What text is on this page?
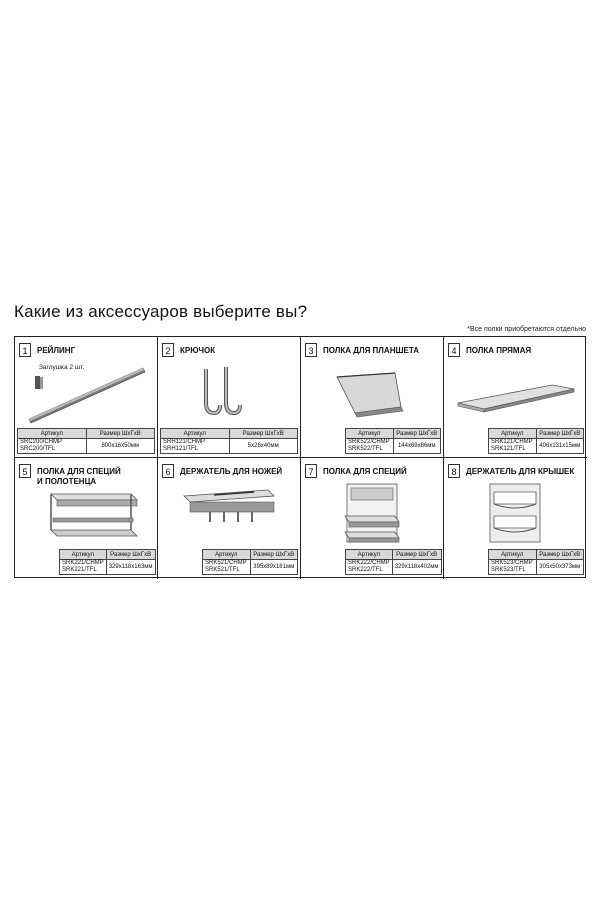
Какие из аксессуаров выберите вы?
*Все полки приобретаются отдельно
1	РЕЙЛИНГ
Заглушка 2 шт.
Артикул	Размер ШхГхВ
SRC200/CHMP
SRC200/TFL	800x16x50мм
2	КРЮЧОК
Артикул	Размер ШхГхВ
SRH121/CHMP
SRH121/TFL	5x26x40мм
3	ПОЛКА ДЛЯ ПЛАНШЕТА
Артикул	Размер ШхГхВ
SRK522/CHMP
SRK522/TFL	144x69x86мм
4	ПОЛКА ПРЯМАЯ
Артикул	Размер ШхГхВ
SRK121/CHMP
SRK121/TFL	406x131x15мм
5	ПОЛКА ДЛЯ СПЕЦИЙ
И ПОЛОТЕНЦА
Артикул	Размер ШхГхВ
SRK221/CHMP
SRK221/TFL	329x118x163мм
6	ДЕРЖАТЕЛЬ ДЛЯ НОЖЕЙ
Артикул	Размер ШхГхВ
SRK521/CHMP
SRK521/TFL	395x89x181мм
7	ПОЛКА ДЛЯ СПЕЦИЙ
Артикул	Размер ШхГхВ
SRK222/CHMP
SRK222/TFL	329x118x402мм
8	ДЕРЖАТЕЛЬ ДЛЯ КРЫШЕК
Артикул	Размер ШхГхВ
SRK523/CHMP
SRK523/TFL	305x50x373мм
